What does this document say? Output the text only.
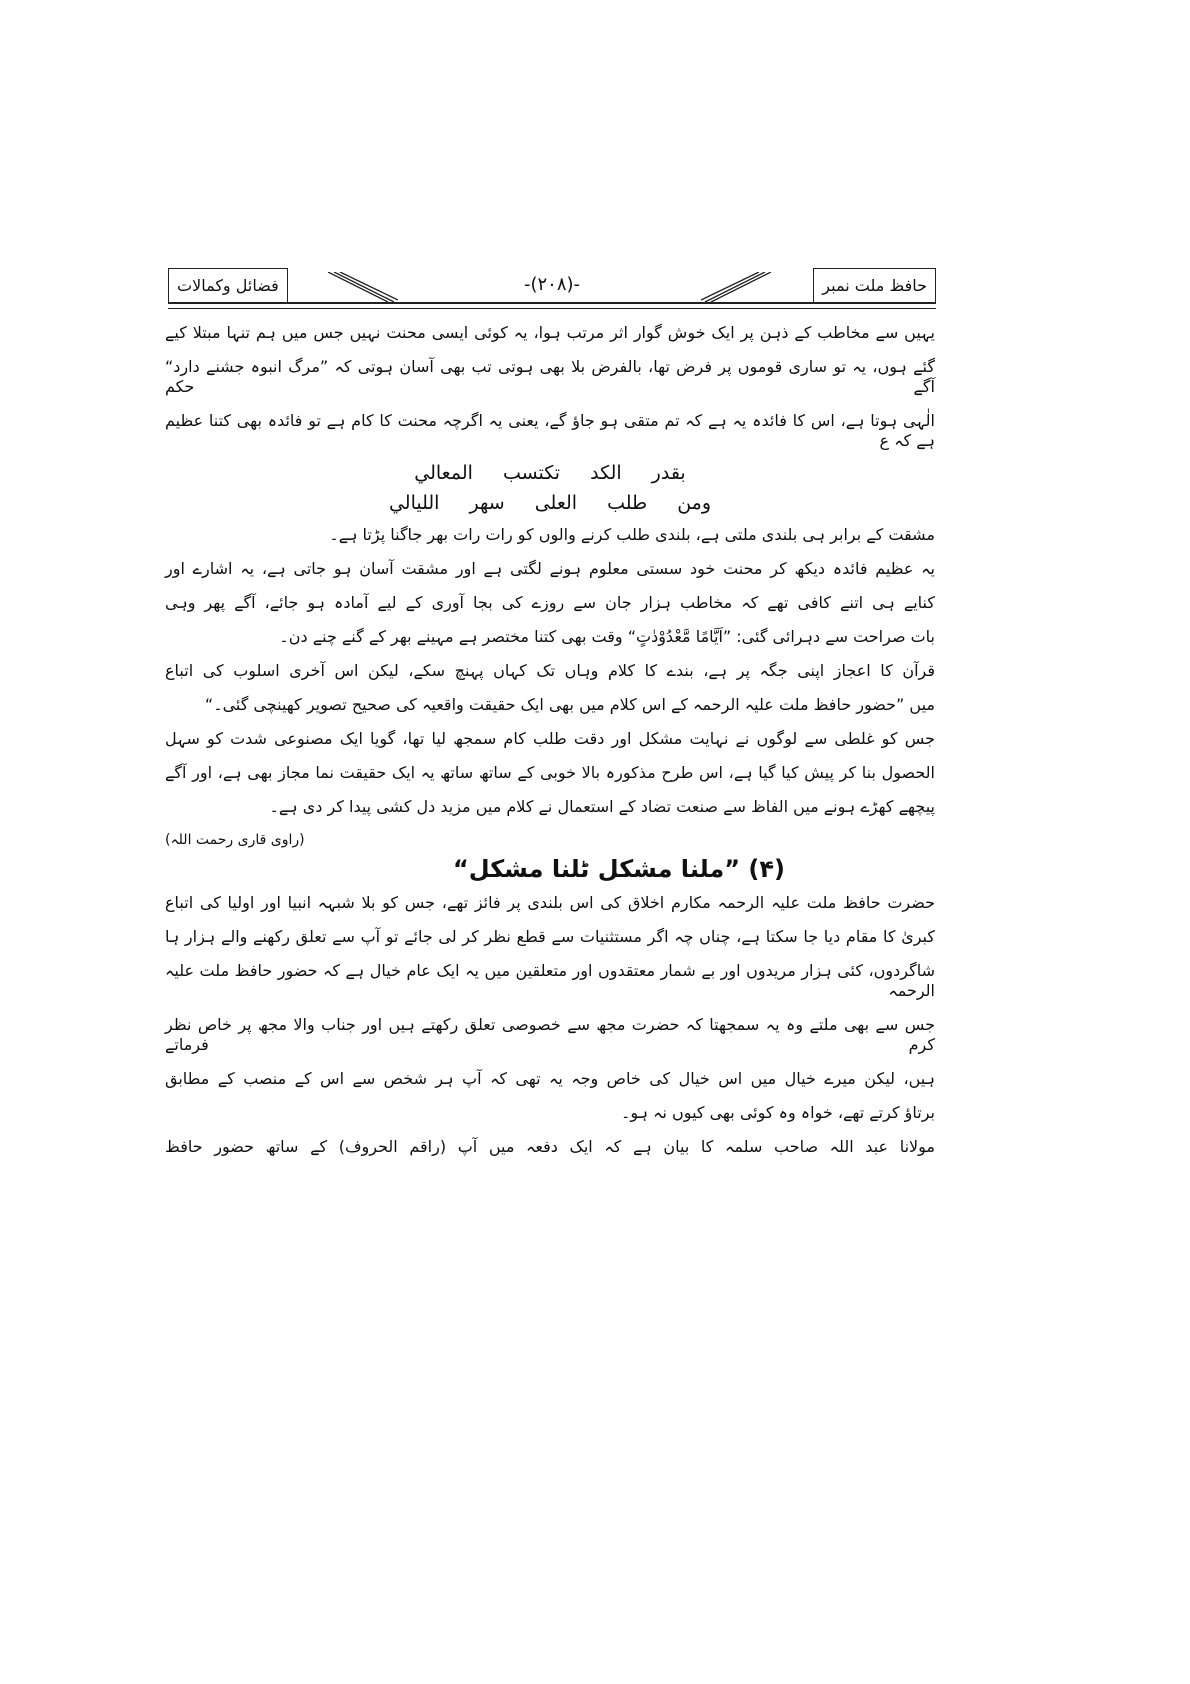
حافظ ملت نمبر
-(۲۰۸)-
فضائل وکمالات
یہیں سے مخاطب کے ذہن پر ایک خوش گوار اثر مرتب ہوا، یہ کوئی ایسی محنت نہیں جس میں ہم تنہا مبتلا کیے
گئے ہوں، یہ تو ساری قوموں پر فرض تھا، بالفرض بلا بھی ہوتی تب بھی آسان ہوتی کہ ”مرگ انبوہ جشنے دارد“ آگے حکم
الٰہی ہوتا ہے، اس کا فائدہ یہ ہے کہ تم متقی ہو جاؤ گے، یعنی یہ اگرچہ محنت کا کام ہے تو فائدہ بھی کتنا عظیم ہے کہ ع
بقدر الكد تكتسب المعالي
ومن طلب العلى سهر الليالي
مشقت کے برابر ہی بلندی ملتی ہے، بلندی طلب کرنے والوں کو رات رات بھر جاگنا پڑتا ہے۔
یہ عظیم فائدہ دیکھ کر محنت خود سستی معلوم ہونے لگتی ہے اور مشقت آسان ہو جاتی ہے، یہ اشارے اور
کنایے ہی اتنے کافی تھے کہ مخاطب ہزار جان سے روزے کی بجا آوری کے لیے آمادہ ہو جائے، آگے پھر وہی
بات صراحت سے دہرائی گئی: ”اَيَّامًا مَّعْدُوْدٰتٍ“ وقت بھی کتنا مختصر ہے مہینے بھر کے گنے چنے دن۔
قرآن کا اعجاز اپنی جگہ پر ہے، بندے کا کلام وہاں تک کہاں پہنچ سکے، لیکن اس آخری اسلوب کی اتباع
میں ”حضور حافظ ملت علیہ الرحمہ کے اس کلام میں بھی ایک حقیقت واقعیہ کی صحیح تصویر کھینچی گئی۔“
جس کو غلطی سے لوگوں نے نہایت مشکل اور دقت طلب کام سمجھ لیا تھا، گویا ایک مصنوعی شدت کو سہل
الحصول بنا کر پیش کیا گیا ہے، اس طرح مذکورہ بالا خوبی کے ساتھ ساتھ یہ ایک حقیقت نما مجاز بھی ہے، اور آگے
پیچھے کھڑے ہونے میں الفاظ سے صنعت تضاد کے استعمال نے کلام میں مزید دل کشی پیدا کر دی ہے۔
(راوی قاری رحمت اللہ)
(۴) ”ملنا مشکل ٹلنا مشکل“
حضرت حافظ ملت علیہ الرحمہ مکارم اخلاق کی اس بلندی پر فائز تھے، جس کو بلا شبہہ انبیا اور اولیا کی اتباع
کبریٰ کا مقام دیا جا سکتا ہے، چناں چہ اگر مستثنیات سے قطع نظر کر لی جائے تو آپ سے تعلق رکھنے والے ہزار ہا
شاگردوں، کئی ہزار مریدوں اور بے شمار معتقدوں اور متعلقین میں یہ ایک عام خیال ہے کہ حضور حافظ ملت علیہ الرحمہ
جس سے بھی ملتے وہ یہ سمجھتا کہ حضرت مجھ سے خصوصی تعلق رکھتے ہیں اور جناب والا مجھ پر خاص نظر کرم فرماتے
ہیں، لیکن میرے خیال میں اس خیال کی خاص وجہ یہ تھی کہ آپ ہر شخص سے اس کے منصب کے مطابق
برتاؤ کرتے تھے، خواہ وہ کوئی بھی کیوں نہ ہو۔
مولانا عبد اللہ صاحب سلمہ کا بیان ہے کہ ایک دفعہ میں آپ (راقم الحروف) کے ساتھ حضور حافظ
